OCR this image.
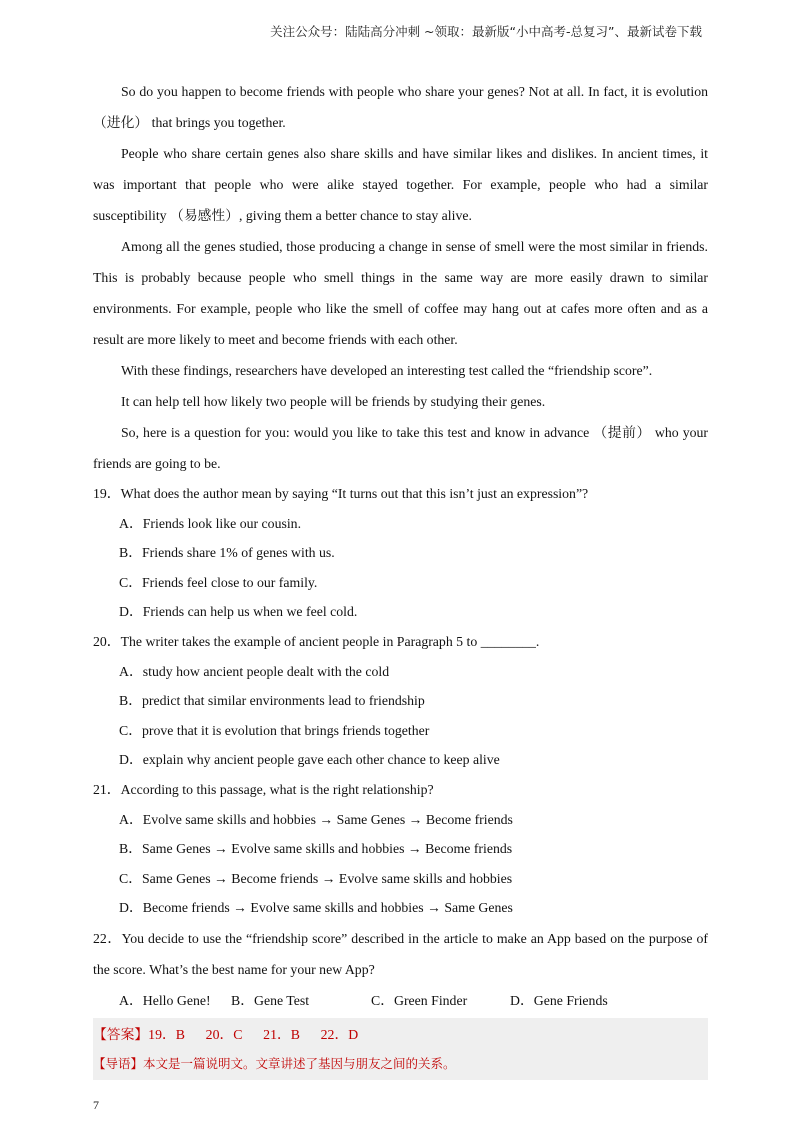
关注公众号：陆陆高分冲刺 ~领取：最新版“小中高考-总复习”、最新试卷下载

So do you happen to become friends with people who share your genes? Not at all. In fact, it is evolution （进化） that brings you together.

People who share certain genes also share skills and have similar likes and dislikes. In ancient times, it was important that people who were alike stayed together. For example, people who had a similar susceptibility （易感性）, giving them a better chance to stay alive.

Among all the genes studied, those producing a change in sense of smell were the most similar in friends. This is probably because people who smell things in the same way are more easily drawn to similar environments. For example, people who like the smell of coffee may hang out at cafes more often and as a result are more likely to meet and become friends with each other.

With these findings, researchers have developed an interesting test called the “friendship score”.

It can help tell how likely two people will be friends by studying their genes.

So, here is a question for you: would you like to take this test and know in advance （提前） who your friends are going to be.

19．What does the author mean by saying “It turns out that this isn’t just an expression”?

A．Friends look like our cousin.

B．Friends share 1% of genes with us.

C．Friends feel close to our family.

D．Friends can help us when we feel cold.

20．The writer takes the example of ancient people in Paragraph 5 to ________.

A．study how ancient people dealt with the cold

B．predict that similar environments lead to friendship

C．prove that it is evolution that brings friends together

D．explain why ancient people gave each other chance to keep alive

21．According to this passage, what is the right relationship?

A．Evolve same skills and hobbies → Same Genes → Become friends

B．Same Genes → Evolve same skills and hobbies → Become friends

C．Same Genes → Become friends → Evolve same skills and hobbies

D．Become friends → Evolve same skills and hobbies → Same Genes

22．You decide to use the “friendship score” described in the article to make an App based on the purpose of the score. What’s the best name for your new App?

A．Hello Gene!	B．Gene Test	C．Green Finder	D．Gene Friends
【答案】19．B      20．C      21．B      22．D
【导语】本文是一篇说明文。文章讲述了基因与朋友之间的关系。
7
